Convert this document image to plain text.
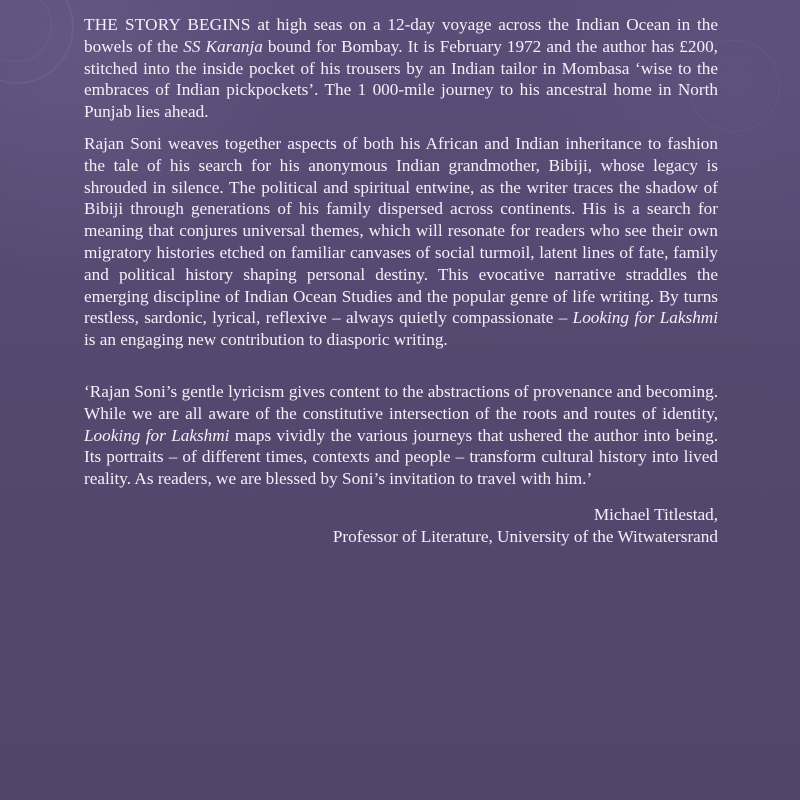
THE STORY BEGINS at high seas on a 12-day voyage across the Indian Ocean in the bowels of the SS Karanja bound for Bombay. It is February 1972 and the author has £200, stitched into the inside pocket of his trousers by an Indian tailor in Mombasa ‘wise to the embraces of Indian pickpockets’. The 1 000-mile journey to his ancestral home in North Punjab lies ahead.

Rajan Soni weaves together aspects of both his African and Indian inheritance to fashion the tale of his search for his anonymous Indian grandmother, Bibiji, whose legacy is shrouded in silence. The political and spiritual entwine, as the writer traces the shadow of Bibiji through generations of his family dispersed across continents. His is a search for meaning that conjures universal themes, which will resonate for readers who see their own migratory histories etched on familiar canvases of social turmoil, latent lines of fate, family and political history shaping personal destiny. This evocative narrative straddles the emerging discipline of Indian Ocean Studies and the popular genre of life writing. By turns restless, sardonic, lyrical, reflexive – always quietly compassionate – Looking for Lakshmi is an engaging new contribution to diasporic writing.

‘Rajan Soni’s gentle lyricism gives content to the abstractions of provenance and becoming. While we are all aware of the constitutive intersection of the roots and routes of identity, Looking for Lakshmi maps vividly the various journeys that ushered the author into being. Its portraits – of different times, contexts and people – transform cultural history into lived reality. As readers, we are blessed by Soni’s invitation to travel with him.’

Michael Titlestad,
Professor of Literature, University of the Witwatersrand
